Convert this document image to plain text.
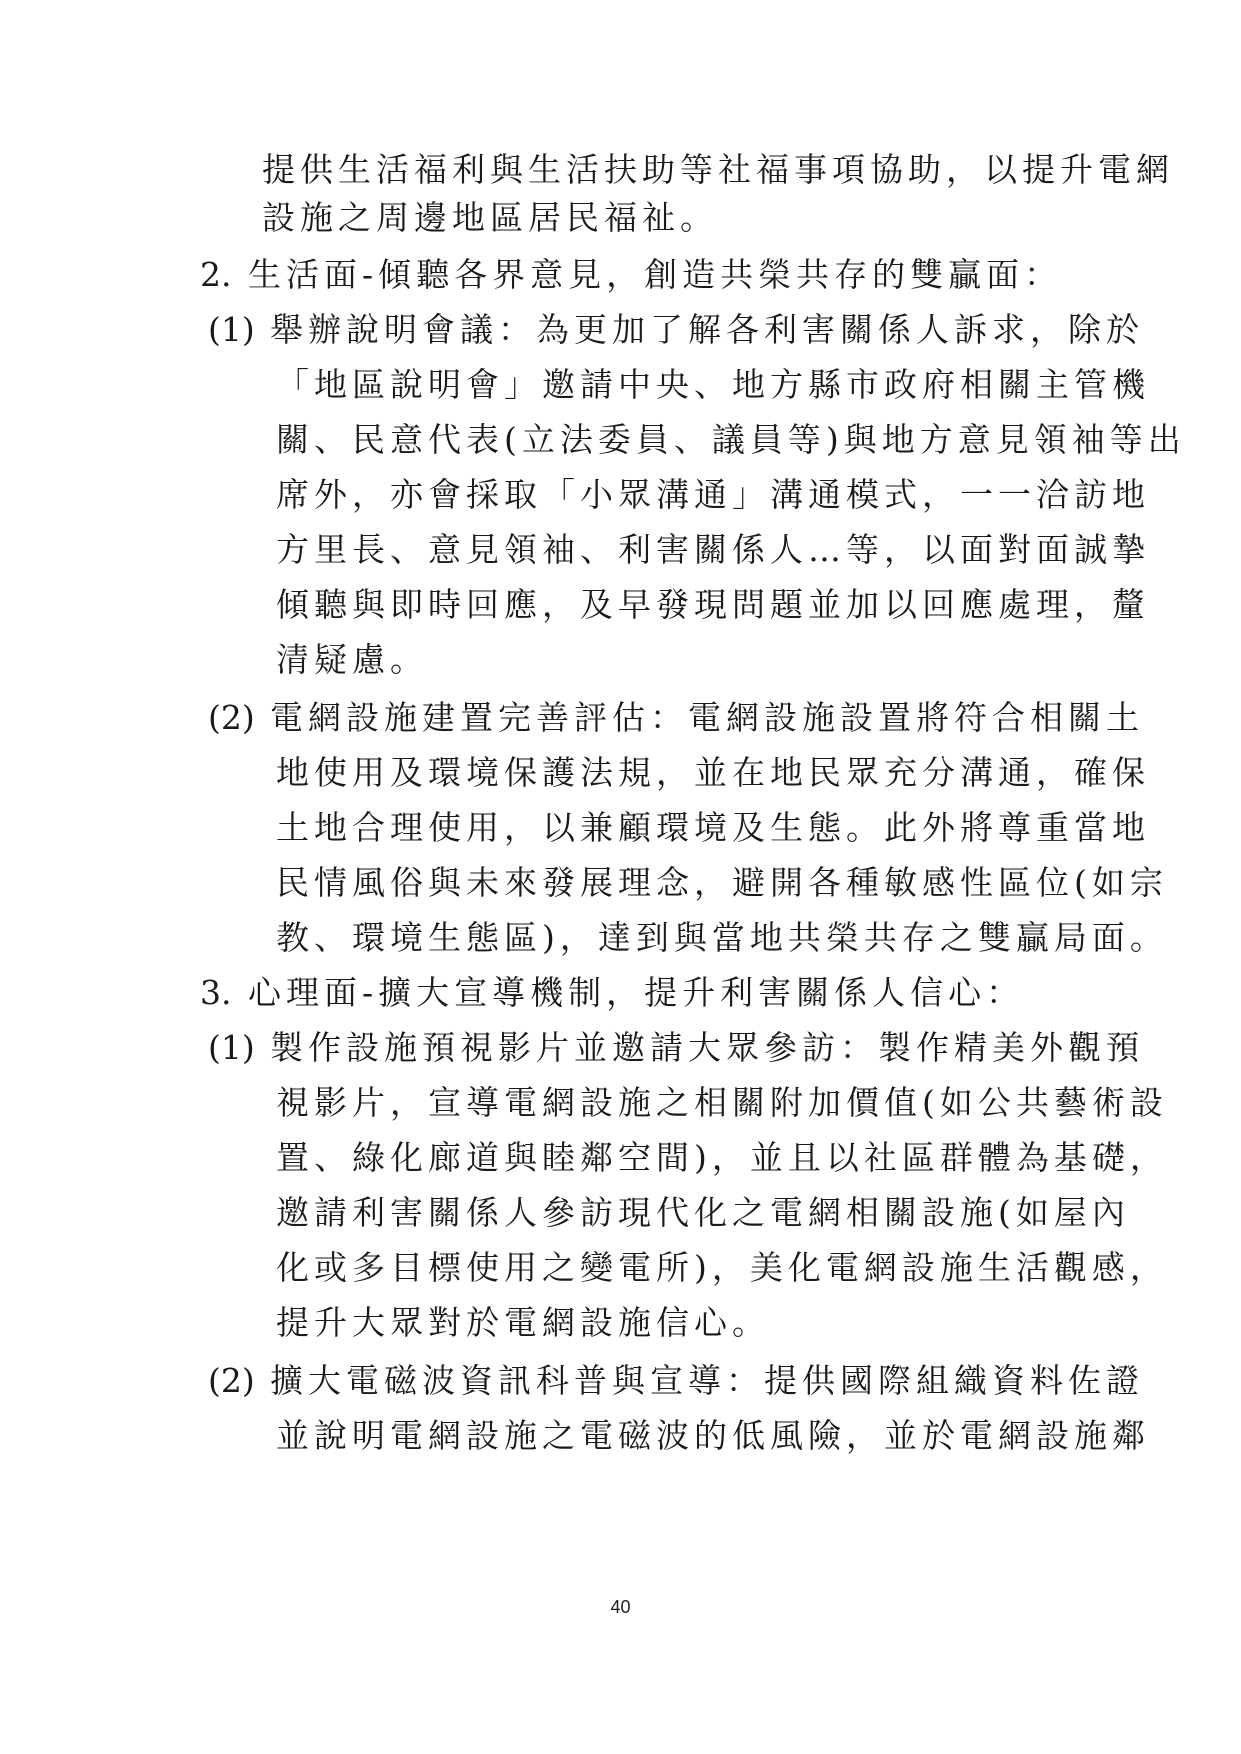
提供生活福利與生活扶助等社福事項協助，以提升電網
設施之周邊地區居民福祉。
2. 生活面-傾聽各界意見，創造共榮共存的雙贏面：
(1) 舉辦說明會議：為更加了解各利害關係人訴求，除於
「地區說明會」邀請中央、地方縣市政府相關主管機
關、民意代表(立法委員、議員等)與地方意見領袖等出
席外，亦會採取「小眾溝通」溝通模式，一一洽訪地
方里長、意見領袖、利害關係人…等，以面對面誠摯
傾聽與即時回應，及早發現問題並加以回應處理，釐
清疑慮。
(2) 電網設施建置完善評估：電網設施設置將符合相關土
地使用及環境保護法規，並在地民眾充分溝通，確保
土地合理使用，以兼顧環境及生態。此外將尊重當地
民情風俗與未來發展理念，避開各種敏感性區位(如宗
教、環境生態區)，達到與當地共榮共存之雙贏局面。
3. 心理面-擴大宣導機制，提升利害關係人信心：
(1) 製作設施預視影片並邀請大眾參訪：製作精美外觀預
視影片，宣導電網設施之相關附加價值(如公共藝術設
置、綠化廊道與睦鄰空間)，並且以社區群體為基礎，
邀請利害關係人參訪現代化之電網相關設施(如屋內
化或多目標使用之變電所)，美化電網設施生活觀感，
提升大眾對於電網設施信心。
(2) 擴大電磁波資訊科普與宣導：提供國際組織資料佐證
並說明電網設施之電磁波的低風險，並於電網設施鄰
40
